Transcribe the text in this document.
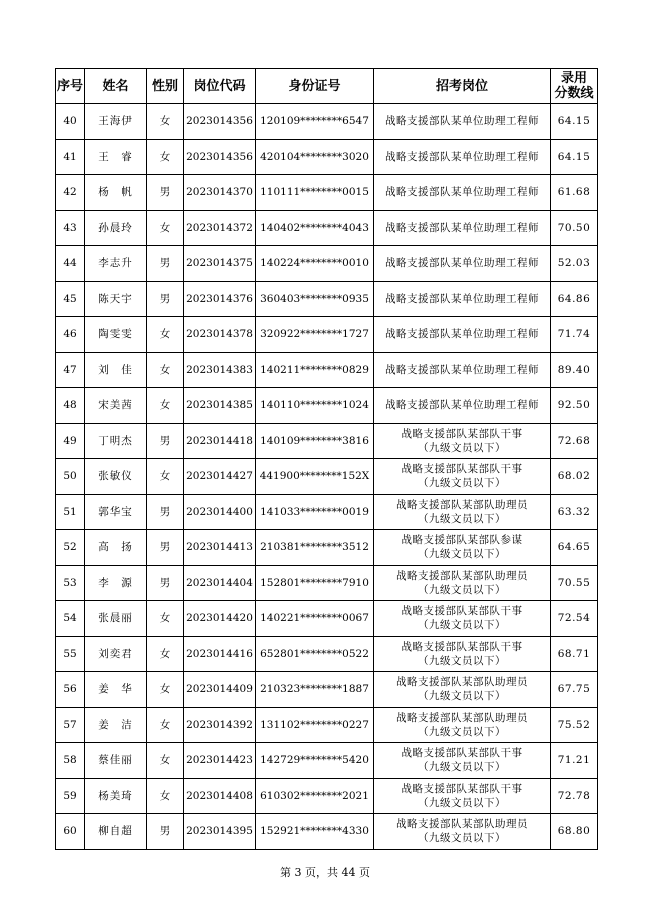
序号	姓名	性别	岗位代码	身份证号	招考岗位	录用
分数线

40	王海伊	女	2023014356	120109********6547	战略支援部队某单位助理工程师	64.15
41	王　睿	女	2023014356	420104********3020	战略支援部队某单位助理工程师	64.15
42	杨　帆	男	2023014370	110111********0015	战略支援部队某单位助理工程师	61.68
43	孙晨玲	女	2023014372	140402********4043	战略支援部队某单位助理工程师	70.50
44	李志升	男	2023014375	140224********0010	战略支援部队某单位助理工程师	52.03
45	陈天宇	男	2023014376	360403********0935	战略支援部队某单位助理工程师	64.86
46	陶雯雯	女	2023014378	320922********1727	战略支援部队某单位助理工程师	71.74
47	刘　佳	女	2023014383	140211********0829	战略支援部队某单位助理工程师	89.40
48	宋美茜	女	2023014385	140110********1024	战略支援部队某单位助理工程师	92.50
49	丁明杰	男	2023014418	140109********3816	战略支援部队某部队干事
（九级文员以下）	72.68
50	张敏仪	女	2023014427	441900********152X	战略支援部队某部队干事
（九级文员以下）	68.02
51	郭华宝	男	2023014400	141033********0019	战略支援部队某部队助理员
（九级文员以下）	63.32
52	高　扬	男	2023014413	210381********3512	战略支援部队某部队参谋
（九级文员以下）	64.65
53	李　源	男	2023014404	152801********7910	战略支援部队某部队助理员
（九级文员以下）	70.55
54	张晨丽	女	2023014420	140221********0067	战略支援部队某部队干事
（九级文员以下）	72.54
55	刘奕君	女	2023014416	652801********0522	战略支援部队某部队干事
（九级文员以下）	68.71
56	姜　华	女	2023014409	210323********1887	战略支援部队某部队助理员
（九级文员以下）	67.75
57	姜　洁	女	2023014392	131102********0227	战略支援部队某部队助理员
（九级文员以下）	75.52
58	蔡佳丽	女	2023014423	142729********5420	战略支援部队某部队干事
（九级文员以下）	71.21
59	杨美琦	女	2023014408	610302********2021	战略支援部队某部队干事
（九级文员以下）	72.78
60	柳自超	男	2023014395	152921********4330	战略支援部队某部队助理员
（九级文员以下）	68.80
第 3 页，共 44 页
